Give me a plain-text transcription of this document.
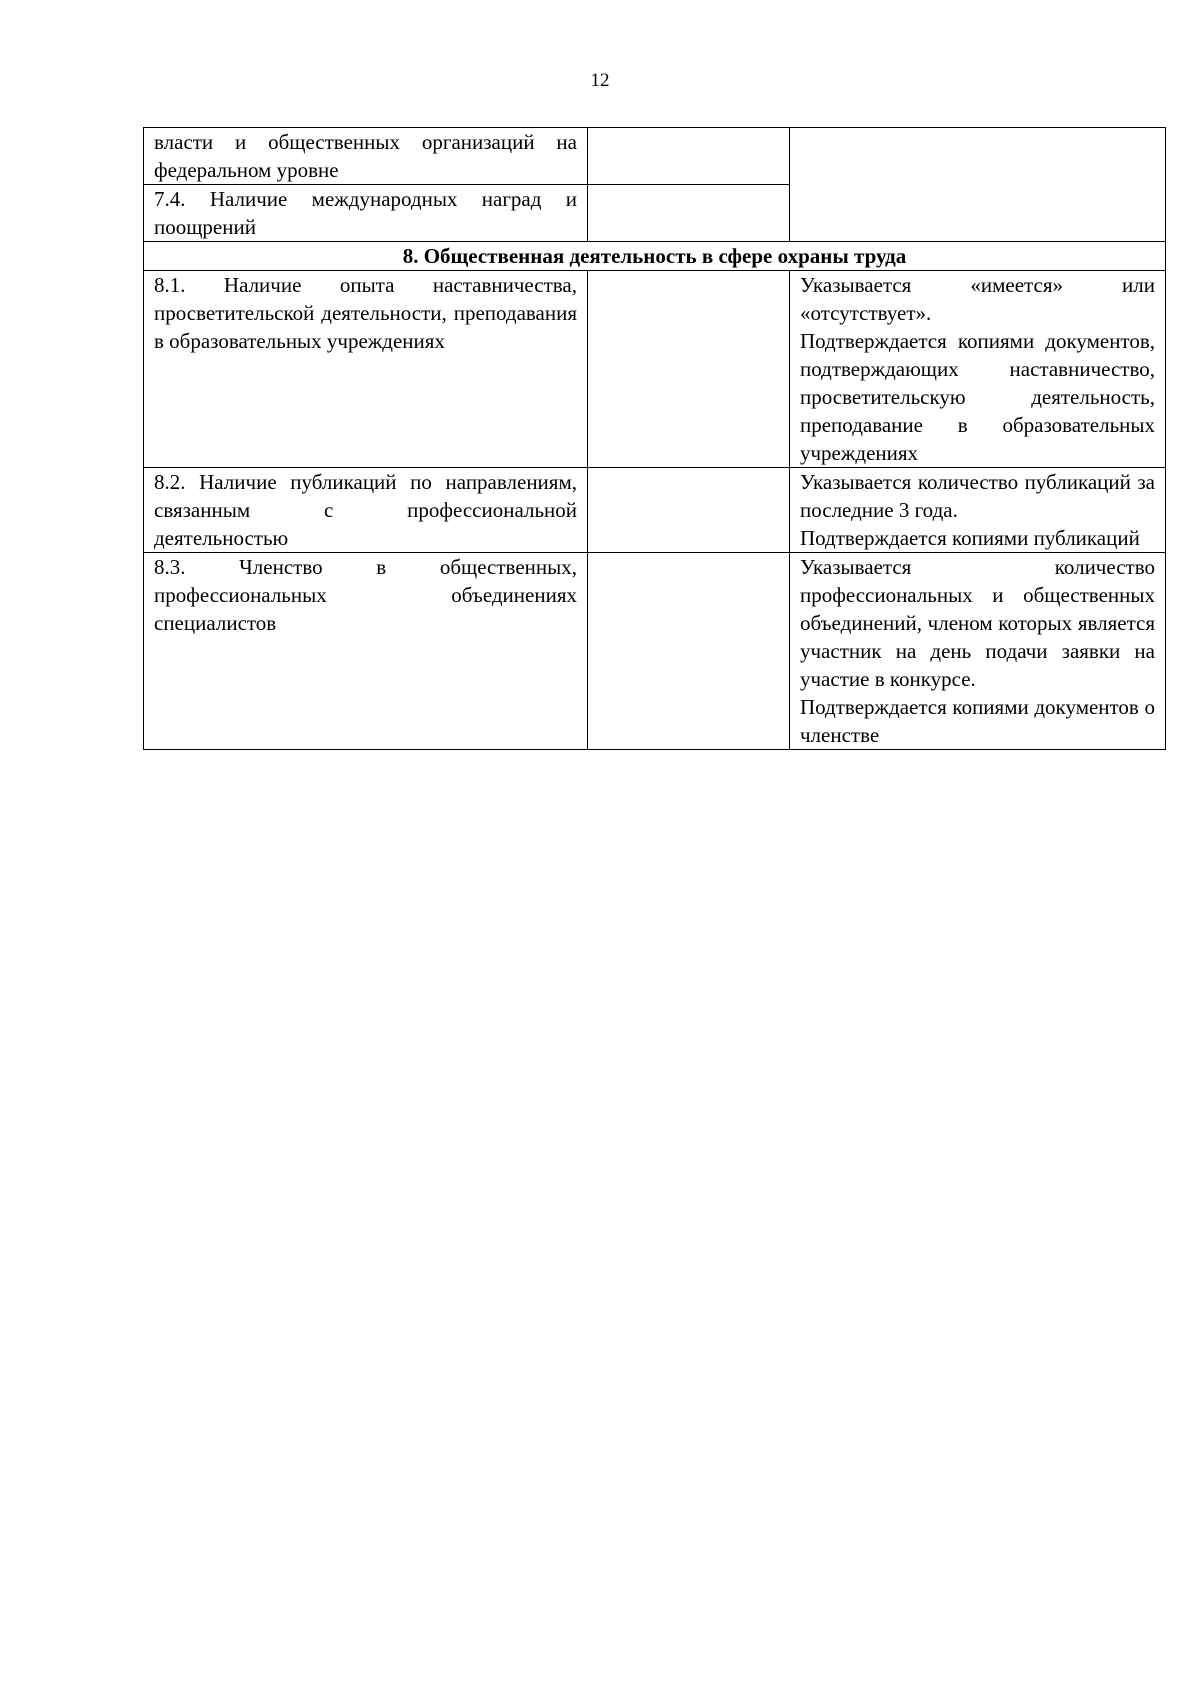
12
власти и общественных организаций на федеральном уровне		
7.4. Наличие международных наград и поощрений		
8. Общественная деятельность в сфере охраны труда		
8.1. Наличие опыта наставничества, просветительской деятельности, преподавания в образовательных учреждениях		Указывается «имеется» или «отсутствует».

Подтверждается копиями документов, подтверждающих наставничество, просветительскую деятельность, преподавание в образовательных учреждениях

8.2. Наличие публикаций по направлениям, связанным с профессиональной деятельностью		Указывается количество публикаций за последние 3 года.

Подтверждается копиями публикаций

8.3. Членство в общественных, профессиональных объединениях специалистов		Указывается количество профессиональных и общественных объединений, членом которых является участник на день подачи заявки на участие в конкурсе.

Подтверждается копиями документов о членстве
